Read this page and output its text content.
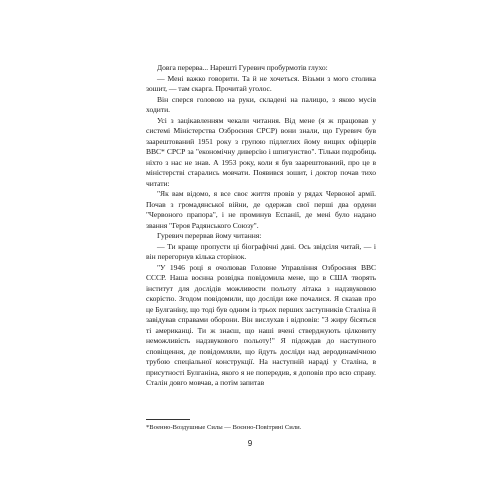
Довга перерва... Нарешті Гуревич пробурмотів глухо:

— Мені важко говорити. Та й не хочеться. Візьми з мого столика зошит, — там скарга. Прочитай уголос.

Він сперся головою на руки, складені на палицю, з якою мусів ходити.

Усі з зацікавленням чекали читання. Від мене (я ж працював у системі Міністерства Озброєння СРСР) вони знали, що Гуревич був заарештований 1951 року з групою підлеглих йому вищих офіцерів ВВС* СРСР за "економічну диверсію і шпигунство". Тільки подробиць ніхто з нас не знав. А 1953 року, коли я був заарештований, про це в міністерстві старались мовчати. Появився зошит, і доктор почав тихо читати:

"Як вам відомо, я все своє життя провів у рядах Червоної армії. Почав з громадянської війни, де одержав свої перші два ордени "Червоного прапора", і не проминув Еспанії, де мені було надано звання "Героя Радянського Союзу".

Гуревич перервав йому читання:

— Ти краще пропусти ці біографічні дані. Ось звідсіля читай, — і він перегорнув кілька сторінок.

"У 1946 році я очолював Головне Управління Озброєння ВВС СССР. Наша воєнна розвідка повідомила мене, що в США творять інститут для дослідів можливости польоту літака з надзвуковою скорістю. Згодом повідомили, що досліди вже почалися. Я сказав про це Булганіну, що тоді був одним із трьох перших заступників Сталіна й завідував справами оборони. Він вислухав і відповів: "З жиру бісяться ті американці. Ти ж знаєш, що наші вчені стверджують цілковиту неможливість надзвукового польоту!" Я підождав до наступного сповіщення, де повідомляли, що йдуть досліди над аеродинамічною трубою спеціальної конструкції. На наступній нараді у Сталіна, в присутності Булганіна, якого я не попередив, я доповів про всю справу. Сталін довго мовчав, а потім запитав

*Военно-Воздушные Силы — Воєнно-Повітряні Сили.

9
